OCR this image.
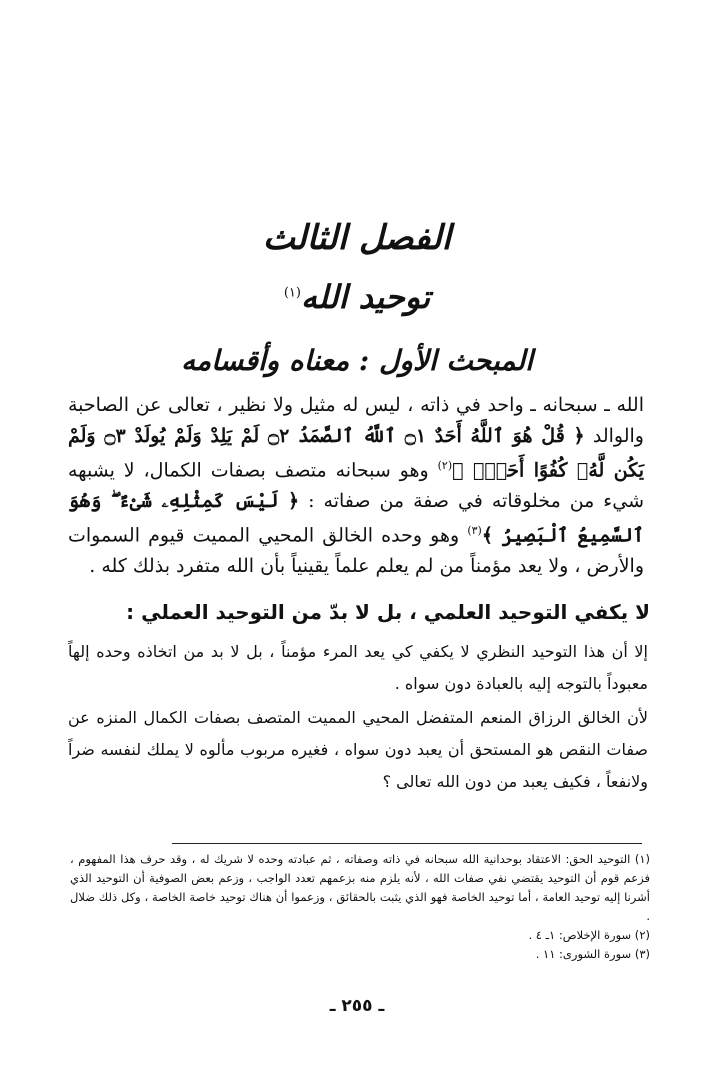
الفصل الثالث
توحيد الله$^{(١)}$
المبحث الأول : معناه وأقسامه

الله ـ سبحانه ـ واحد في ذاته ، ليس له مثيل ولا نظير ، تعالى عن الصاحبة والوالد ﴿ قُلْ هُوَ ٱللَّهُ أَحَدٌ ۝١ ٱللَّهُ ٱلصَّمَدُ ۝٢ لَمْ يَلِدْ وَلَمْ يُولَدْ ۝٣ وَلَمْ يَكُن لَّهُۥ كُفُوًا أَحَدٌۢ ﴾$^{(٢)}$ وهو سبحانه متصف بصفات الكمال، لا يشبهه شيء من مخلوقاته في صفة من صفاته : ﴿ لَيْسَ كَمِثْلِهِۦ شَىْءٌ ۖ وَهُوَ ٱلسَّمِيعُ ٱلْبَصِيرُ ﴾$^{(٣)}$ وهو وحده الخالق المحيي المميت قيوم السموات والأرض ، ولا يعد مؤمناً من لم يعلم علماً يقينياً بأن الله متفرد بذلك كله .

لا يكفي التوحيد العلمي ، بل لا بدّ من التوحيد العملي :

إلا أن هذا التوحيد النظري لا يكفي كي يعد المرء مؤمناً ، بل لا بد من اتخاذه وحده إلهاً معبوداً بالتوجه إليه بالعبادة دون سواه .

لأن الخالق الرزاق المنعم المتفضل المحيي المميت المتصف بصفات الكمال المنزه عن صفات النقص هو المستحق أن يعبد دون سواه ، فغيره مربوب مألوه لا يملك لنفسه ضراً ولانفعاً ، فكيف يعبد من دون الله تعالى ؟

(١) التوحيد الحق: الاعتقاد بوحدانية الله سبحانه في ذاته وصفاته ، ثم عبادته وحده لا شريك له ، وقد حرف هذا المفهوم ، فزعم قوم أن التوحيد يقتضي نفي صفات الله ، لأنه يلزم منه بزعمهم تعدد الواجب ، وزعم بعض الصوفية أن التوحيد الذي أشرنا إليه توحيد العامة ، أما توحيد الخاصة فهو الذي يثبت بالحقائق ، وزعموا أن هناك توحيد خاصة الخاصة ، وكل ذلك ضلال .
(٢) سورة الإخلاص: ١ـ ٤ .
(٣) سورة الشورى: ١١ .
ـ ٢٥٥ ـ
